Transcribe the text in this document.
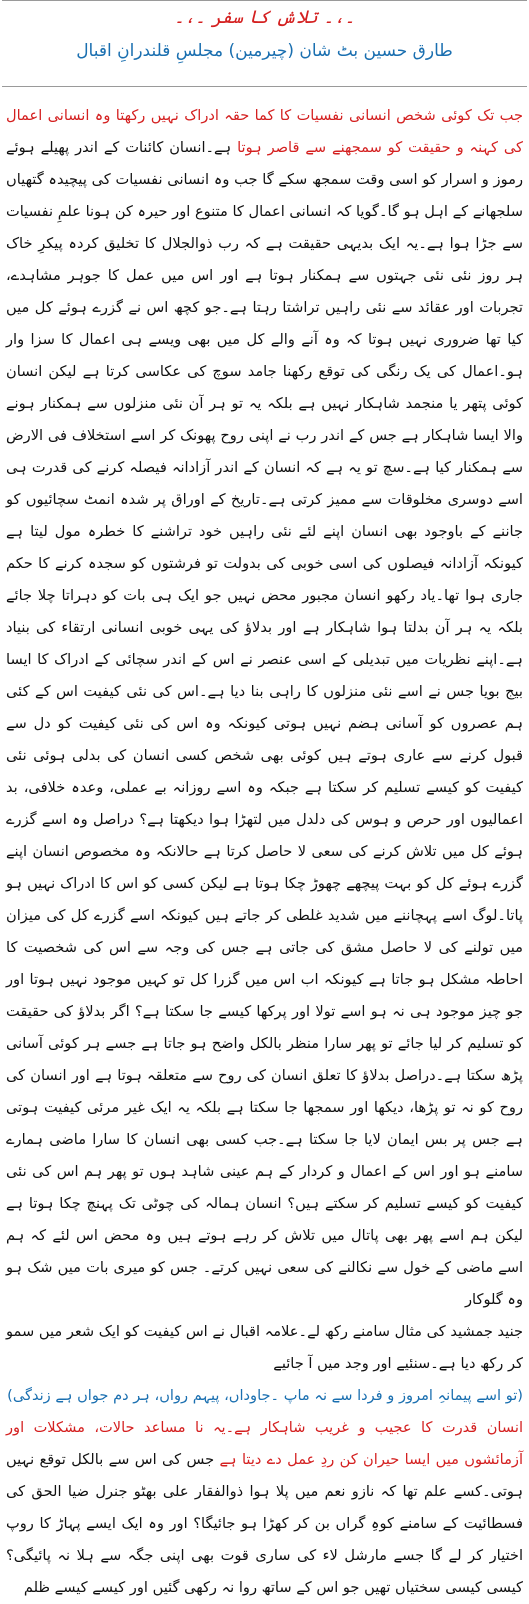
۔،۔ تلاش کا سفر ۔،۔
طارق حسین بٹ شان (چیرمین) مجلسِ قلندرانِ اقبال

جب تک کوئی شخص انسانی نفسیات کا کما حقہ ادراک نہیں رکھتا وہ انسانی اعمال کی کہنہ و حقیقت کو سمجھنے سے قاصر ہوتا ہے۔انسان کائنات کے اندر پھیلے ہوئے رموز و اسرار کو اسی وقت سمجھ سکے گا جب وہ انسانی نفسیات کی پیچیدہ گتھیاں سلجھانے کے اہل ہو گا۔گویا کہ انسانی اعمال کا متنوع اور حیرہ کن ہونا علمِ نفسیات سے جڑا ہوا ہے۔یہ ایک بدیہی حقیقت ہے کہ رب ذوالجلال کا تخلیق کردہ پیکرِ خاک ہر روز نئی نئی جہتوں سے ہمکنار ہوتا ہے اور اس میں عمل کا جوہر مشاہدے، تجربات اور عقائد سے نئی راہیں تراشتا رہتا ہے۔جو کچھ اس نے گزرے ہوئے کل میں کیا تھا ضروری نہیں ہوتا کہ وہ آنے والے کل میں بھی ویسے ہی اعمال کا سزا وار ہو۔اعمال کی یک رنگی کی توقع رکھنا جامد سوچ کی عکاسی کرتا ہے لیکن انسان کوئی پتھر یا منجمد شاہکار نہیں ہے بلکہ یہ تو ہر آن نئی منزلوں سے ہمکنار ہونے والا ایسا شاہکار ہے جس کے اندر رب نے اپنی روح پھونک کر اسے استخلاف فی الارض سے ہمکنار کیا ہے۔سچ تو یہ ہے کہ انسان کے اندر آزادانہ فیصلہ کرنے کی قدرت ہی اسے دوسری مخلوقات سے ممیز کرتی ہے۔تاریخ کے اوراق پر شدہ انمٹ سچائیوں کو جاننے کے باوجود بھی انسان اپنے لئے نئی راہیں خود تراشنے کا خطرہ مول لیتا ہے کیونکہ آزادانہ فیصلوں کی اسی خوبی کی بدولت تو فرشتوں کو سجدہ کرنے کا حکم جاری ہوا تھا۔یاد رکھو انسان مجبور محض نہیں جو ایک ہی بات کو دہراتا چلا جائے بلکہ یہ ہر آن بدلتا ہوا شاہکار ہے اور بدلاؤ کی یہی خوبی انسانی ارتقاء کی بنیاد ہے۔اپنے نظریات میں تبدیلی کے اسی عنصر نے اس کے اندر سچائی کے ادراک کا ایسا بیج بویا جس نے اسے نئی منزلوں کا راہی بنا دیا ہے۔اس کی نئی کیفیت اس کے کئی ہم عصروں کو آسانی ہضم نہیں ہوتی کیونکہ وہ اس کی نئی کیفیت کو دل سے قبول کرنے سے عاری ہوتے ہیں کوئی بھی شخص کسی انسان کی بدلی ہوئی نئی کیفیت کو کیسے تسلیم کر سکتا ہے جبکہ وہ اسے روزانہ بے عملی، وعدہ خلافی، بد اعمالیوں اور حرص و ہوس کی دلدل میں لتھڑا ہوا دیکھتا ہے؟ دراصل وہ اسے گزرے ہوئے کل میں تلاش کرنے کی سعی لا حاصل کرتا ہے حالانکہ وہ مخصوص انسان اپنے گزرے ہوئے کل کو بہت پیچھے چھوڑ چکا ہوتا ہے لیکن کسی کو اس کا ادراک نہیں ہو پاتا۔لوگ اسے پہچاننے میں شدید غلطی کر جاتے ہیں کیونکہ اسے گزرے کل کی میزان میں تولنے کی لا حاصل مشق کی جاتی ہے جس کی وجہ سے اس کی شخصیت کا احاطہ مشکل ہو جاتا ہے کیونکہ اب اس میں گزرا کل تو کہیں موجود نہیں ہوتا اور جو چیز موجود ہی نہ ہو اسے تولا اور پرکھا کیسے جا سکتا ہے؟ اگر بدلاؤ کی حقیقت کو تسلیم کر لیا جائے تو پھر سارا منظر بالکل واضح ہو جاتا ہے جسے ہر کوئی آسانی پڑھ سکتا ہے۔دراصل بدلاؤ کا تعلق انسان کی روح سے متعلقہ ہوتا ہے اور انسان کی روح کو نہ تو پڑھا، دیکھا اور سمجھا جا سکتا ہے بلکہ یہ ایک غیر مرئی کیفیت ہوتی ہے جس پر بس ایمان لایا جا سکتا ہے۔جب کسی بھی انسان کا سارا ماضی ہمارے سامنے ہو اور اس کے اعمال و کردار کے ہم عینی شاہد ہوں تو پھر ہم اس کی نئی کیفیت کو کیسے تسلیم کر سکتے ہیں؟ انسان ہمالہ کی چوٹی تک پہنچ چکا ہوتا ہے لیکن ہم اسے پھر بھی پاتال میں تلاش کر رہے ہوتے ہیں وہ محض اس لئے کہ ہم اسے ماضی کے خول سے نکالنے کی سعی نہیں کرتے۔ جس کو میری بات میں شک ہو وہ گلوکار

جنید جمشید کی مثال سامنے رکھ لے۔علامہ اقبال نے اس کیفیت کو ایک شعر میں سمو کر رکھ دیا ہے۔سنئیے اور وجد میں آ جائیے

(تو اسے پیمانہِ امروز و فردا سے نہ ماپ ۔جاوداں، پیہم رواں، ہر دم جواں ہے زندگی)

انسان قدرت کا عجیب و غریب شاہکار ہے۔یہ نا مساعد حالات، مشکلات اور آزمائشوں میں ایسا حیران کن ردِ عمل دے دیتا ہے جس کی اس سے بالکل توقع نہیں ہوتی۔کسے علم تھا کہ نازو نعم میں پلا ہوا ذوالفقار علی بھٹو جنرل ضیا الحق کی فسطائیت کے سامنے کوہِ گراں بن کر کھڑا ہو جائیگا؟ اور وہ ایک ایسے پہاڑ کا روپ اختیار کر لے گا جسے مارشل لاء کی ساری قوت بھی اپنی جگہ سے ہلا نہ پائیگی؟ کیسی کیسی سختیاں تھیں جو اس کے ساتھ روا نہ رکھی گئیں اور کیسے کیسے ظلم
